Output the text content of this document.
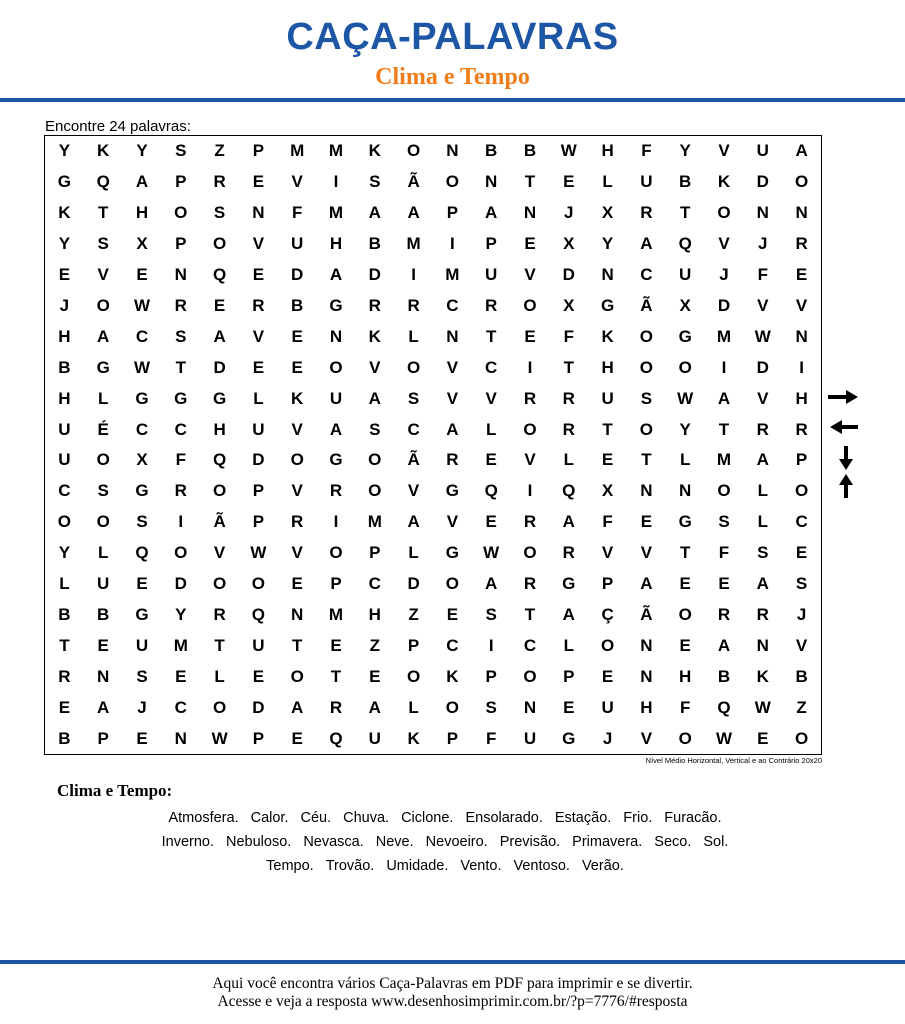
CAÇA-PALAVRAS
Clima e Tempo
Encontre 24 palavras:
Y	K	Y	S	Z	P	M	M	K	O	N	B	B	W	H	F	Y	V	U	A
G	Q	A	P	R	E	V	I	S	Ã	O	N	T	E	L	U	B	K	D	O
K	T	H	O	S	N	F	M	A	A	P	A	N	J	X	R	T	O	N	N
Y	S	X	P	O	V	U	H	B	M	I	P	E	X	Y	A	Q	V	J	R
E	V	E	N	Q	E	D	A	D	I	M	U	V	D	N	C	U	J	F	E
J	O	W	R	E	R	B	G	R	R	C	R	O	X	G	Ã	X	D	V	V
H	A	C	S	A	V	E	N	K	L	N	T	E	F	K	O	G	M	W	N
B	G	W	T	D	E	E	O	V	O	V	C	I	T	H	O	O	I	D	I
H	L	G	G	G	L	K	U	A	S	V	V	R	R	U	S	W	A	V	H
U	É	C	C	H	U	V	A	S	C	A	L	O	R	T	O	Y	T	R	R
U	O	X	F	Q	D	O	G	O	Ã	R	E	V	L	E	T	L	M	A	P
C	S	G	R	O	P	V	R	O	V	G	Q	I	Q	X	N	N	O	L	O
O	O	S	I	Ã	P	R	I	M	A	V	E	R	A	F	E	G	S	L	C
Y	L	Q	O	V	W	V	O	P	L	G	W	O	R	V	V	T	F	S	E
L	U	E	D	O	O	E	P	C	D	O	A	R	G	P	A	E	E	A	S
B	B	G	Y	R	Q	N	M	H	Z	E	S	T	A	Ç	Ã	O	R	R	J
T	E	U	M	T	U	T	E	Z	P	C	I	C	L	O	N	E	A	N	V
R	N	S	E	L	E	O	T	E	O	K	P	O	P	E	N	H	B	K	B
E	A	J	C	O	D	A	R	A	L	O	S	N	E	U	H	F	Q	W	Z
B	P	E	N	W	P	E	Q	U	K	P	F	U	G	J	V	O	W	E	O
Nível Médio Horizontal, Vertical e ao Contrário 20x20
Clima e Tempo:
Atmosfera. Calor. Céu. Chuva. Ciclone. Ensolarado. Estação. Frio. Furacão.
Inverno. Nebuloso. Nevasca. Neve. Nevoeiro. Previsão. Primavera. Seco. Sol.
Tempo. Trovão. Umidade. Vento. Ventoso. Verão.
Aqui você encontra vários Caça-Palavras em PDF para imprimir e se divertir.
Acesse e veja a resposta www.desenhosimprimir.com.br/?p=7776/#resposta
